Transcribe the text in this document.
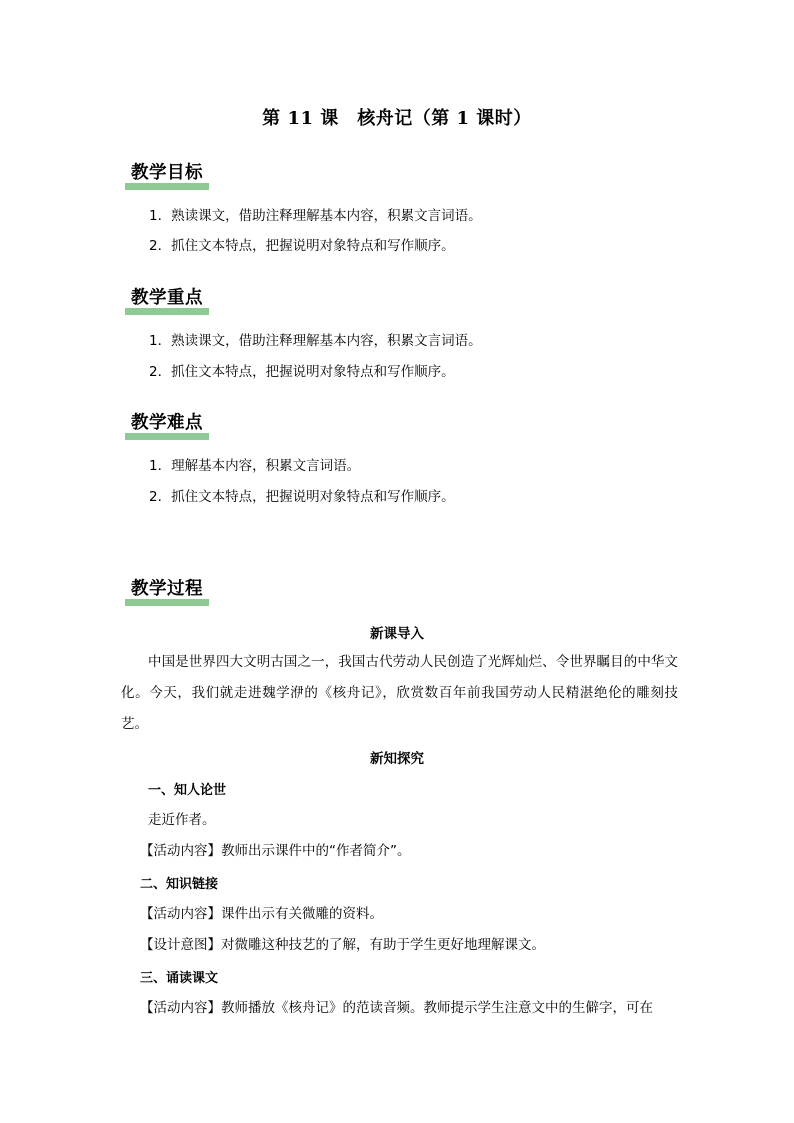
第 11 课　核舟记（第 1 课时）
教学目标
1．熟读课文，借助注释理解基本内容，积累文言词语。
2．抓住文本特点，把握说明对象特点和写作顺序。
教学重点
1．熟读课文，借助注释理解基本内容，积累文言词语。
2．抓住文本特点，把握说明对象特点和写作顺序。
教学难点
1．理解基本内容，积累文言词语。
2．抓住文本特点，把握说明对象特点和写作顺序。
教学过程
新课导入
中国是世界四大文明古国之一，我国古代劳动人民创造了光辉灿烂、令世界瞩目的中华文化。今天，我们就走进魏学洢的《核舟记》，欣赏数百年前我国劳动人民精湛绝伦的雕刻技艺。
新知探究
一、知人论世
走近作者。
【活动内容】教师出示课件中的“作者简介”。
二、知识链接
【活动内容】课件出示有关微雕的资料。
【设计意图】对微雕这种技艺的了解，有助于学生更好地理解课文。
三、诵读课文
【活动内容】教师播放《核舟记》的范读音频。教师提示学生注意文中的生僻字，可在
